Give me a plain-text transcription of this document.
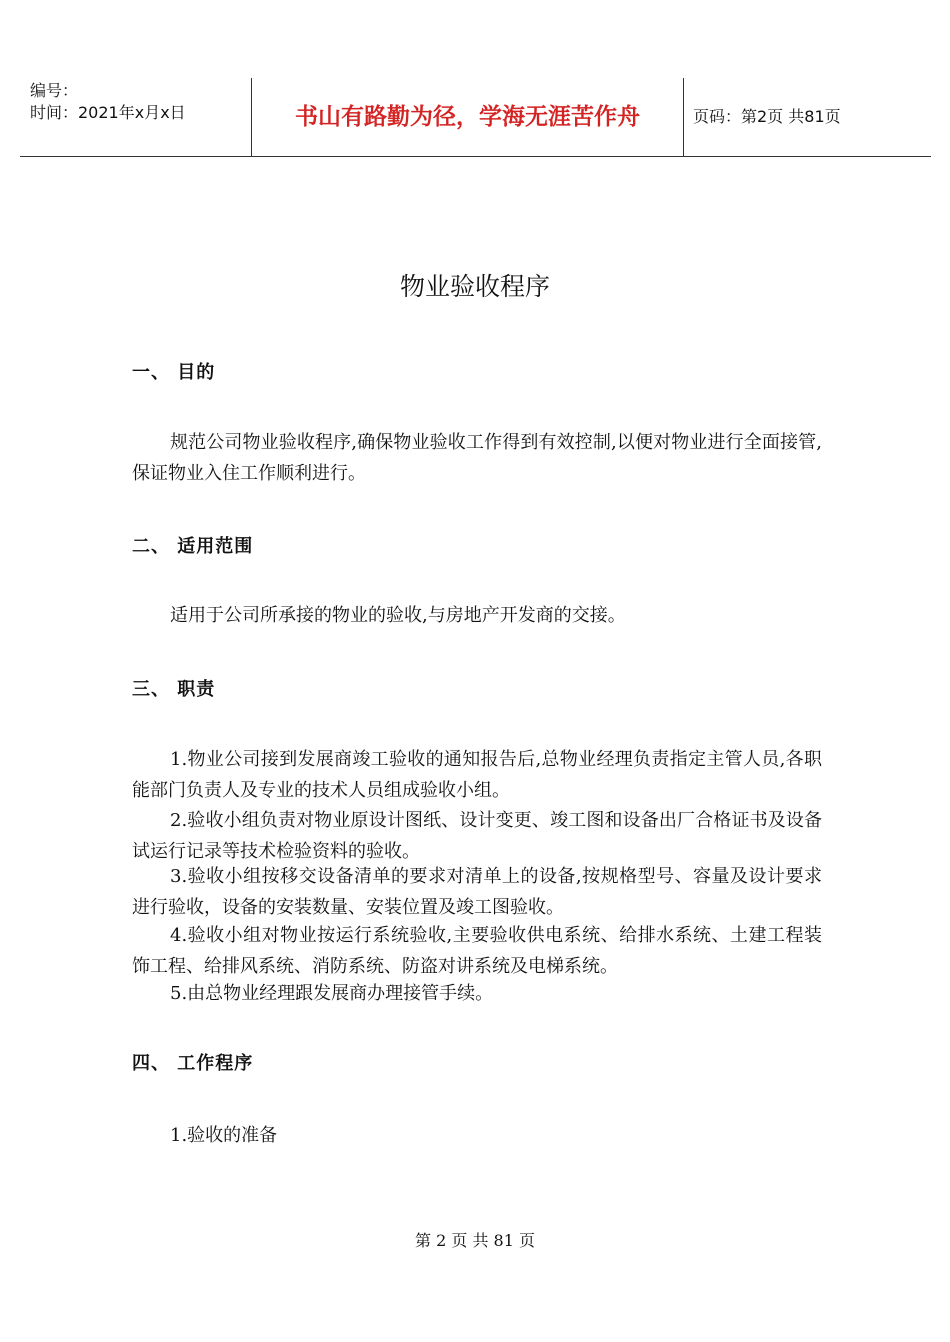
编号：
时间：2021年x月x日	书山有路勤为径，学海无涯苦作舟	页码：第2页 共81页
物业验收程序
一、 目的
规范公司物业验收程序,确保物业验收工作得到有效控制,以便对物业进行全面接管,保证物业入住工作顺利进行。
二、 适用范围
适用于公司所承接的物业的验收,与房地产开发商的交接。
三、 职责
1.物业公司接到发展商竣工验收的通知报告后,总物业经理负责指定主管人员,各职能部门负责人及专业的技术人员组成验收小组。
2.验收小组负责对物业原设计图纸、设计变更、竣工图和设备出厂合格证书及设备试运行记录等技术检验资料的验收。
3.验收小组按移交设备清单的要求对清单上的设备,按规格型号、容量及设计要求进行验收，设备的安装数量、安装位置及竣工图验收。
4.验收小组对物业按运行系统验收,主要验收供电系统、给排水系统、土建工程装饰工程、给排风系统、消防系统、防盗对讲系统及电梯系统。
5.由总物业经理跟发展商办理接管手续。
四、 工作程序
1.验收的准备
第 2 页 共 81 页
